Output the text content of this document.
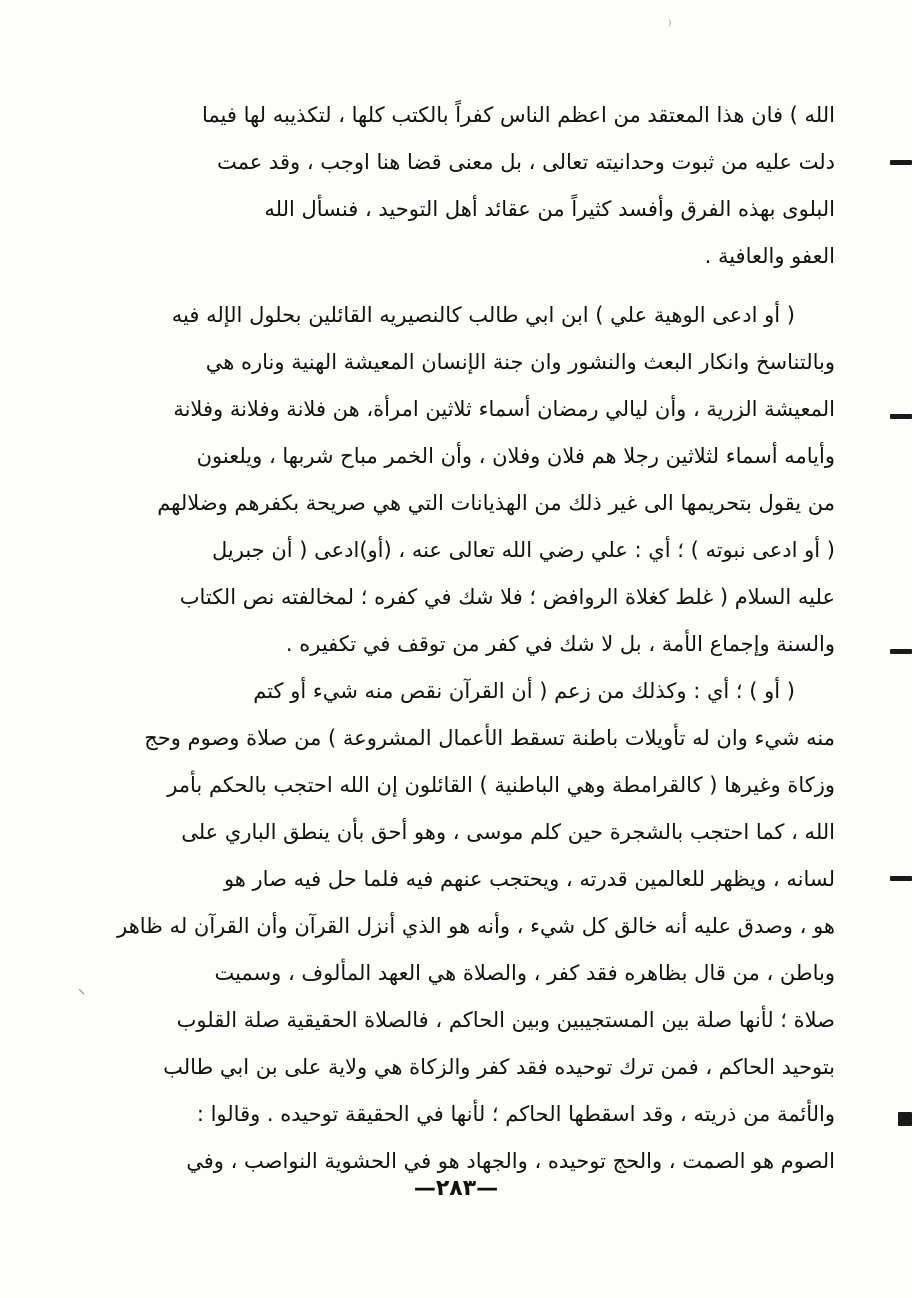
الله ) فان هذا المعتقد من اعظم الناس كفراً بالكتب كلها ، لتكذيبه لها فيما
دلت عليه من ثبوت وحدانيته تعالى ، بل معنى قضا هنا اوجب ، وقد عمت
البلوى بهذه الفرق وأفسد كثيراً من عقائد أهل التوحيد ، فنسأل الله
العفو والعافية .
( أو ادعى الوهية علي ) ابن ابي طالب كالنصيريه القائلين بحلول الإله فيه
وبالتناسخ وانكار البعث والنشور وان جنة الإنسان المعيشة الهنية وناره هي
المعيشة الزرية ، وأن ليالي رمضان أسماء ثلاثين امرأة، هن فلانة وفلانة وفلانة
وأيامه أسماء لثلاثين رجلا هم فلان وفلان ، وأن الخمر مباح شربها ، ويلعنون
من يقول بتحريمها الى غير ذلك من الهذيانات التي هي صريحة بكفرهم وضلالهم
( أو ادعى نبوته ) ؛ أي : علي رضي الله تعالى عنه ، (أو)ادعى ( أن جبريل
عليه السلام ( غلط كغلاة الروافض ؛ فلا شك في كفره ؛ لمخالفته نص الكتاب
والسنة وإجماع الأمة ، بل لا شك في كفر من توقف في تكفيره .
( أو ) ؛ أي : وكذلك من زعم ( أن القرآن نقص منه شيء أو كتم
منه شيء وان له تأويلات باطنة تسقط الأعمال المشروعة ) من صلاة وصوم وحج
وزكاة وغيرها ( كالقرامطة وهي الباطنية ) القائلون إن الله احتجب بالحكم بأمر
الله ، كما احتجب بالشجرة حين كلم موسى ، وهو أحق بأن ينطق الباري على
لسانه ، ويظهر للعالمين قدرته ، ويحتجب عنهم فيه فلما حل فيه صار هو
هو ، وصدق عليه أنه خالق كل شيء ، وأنه هو الذي أنزل القرآن وأن القرآن له ظاهر
وباطن ، من قال بظاهره فقد كفر ، والصلاة هي العهد المألوف ، وسميت
صلاة ؛ لأنها صلة بين المستجيبين وبين الحاكم ، فالصلاة الحقيقية صلة القلوب
بتوحيد الحاكم ، فمن ترك توحيده فقد كفر والزكاة هي ولاية على بن ابي طالب
والأئمة من ذريته ، وقد اسقطها الحاكم ؛ لأنها في الحقيقة توحيده . وقالوا :
الصوم هو الصمت ، والحج توحيده ، والجهاد هو في الحشوية النواصب ، وفي
—٢٨٣—
⸌
⁾
